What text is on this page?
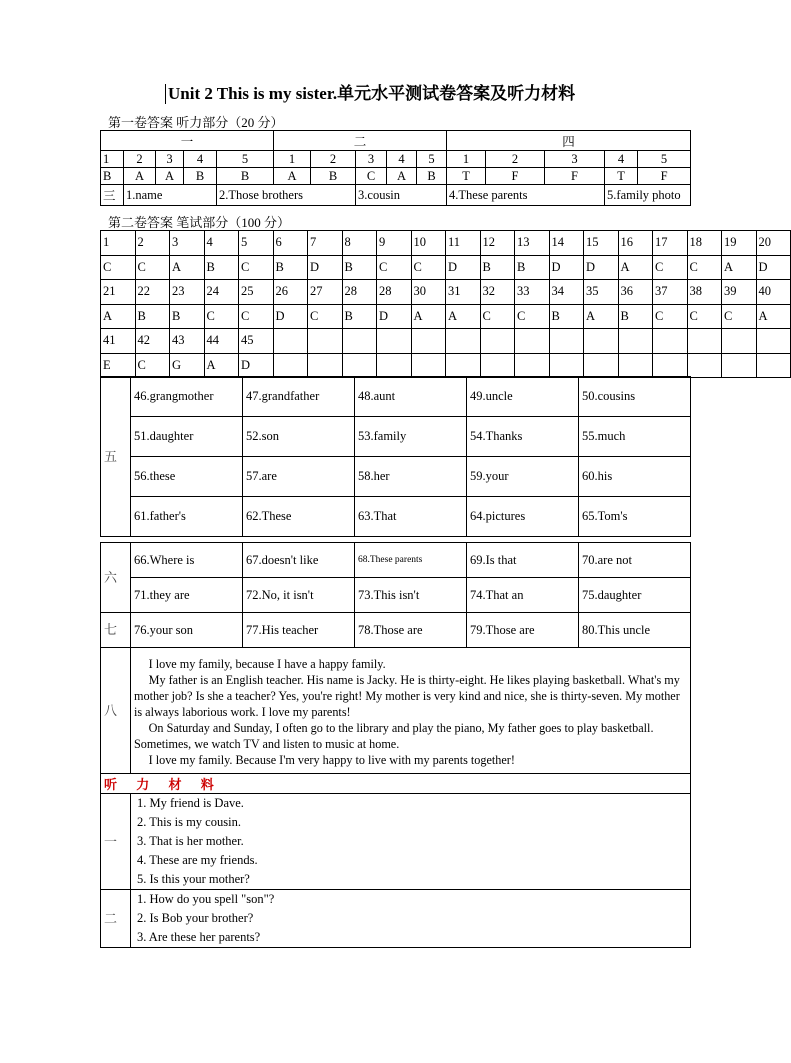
Unit 2 This is my sister.单元水平测试卷答案及听力材料
第一卷答案 听力部分（20 分）
一					二					四				
1	2	3	4	5	1	2	3	4	5	1	2	3	4	5
B	A	A	B	B	A	B	C	A	B	T	F	F	T	F
三	1.name			2.Those brothers			3.cousin			4.These parents			5.family photo	
第二卷答案 笔试部分（100 分）
1	2	3	4	5	6	7	8	9	10	11	12	13	14	15	16	17	18	19	20
C	C	A	B	C	B	D	B	C	C	D	B	B	D	D	A	C	C	A	D
21	22	23	24	25	26	27	28	28	30	31	32	33	34	35	36	37	38	39	40
A	B	B	C	C	D	C	B	D	A	A	C	C	B	A	B	C	C	C	A
41	42	43	44	45															
E	C	G	A	D															
五	46.grangmother	47.grandfather	48.aunt	49.uncle	50.cousins
	51.daughter	52.son	53.family	54.Thanks	55.much
	56.these	57.are	58.her	59.your	60.his
	61.father's	62.These	63.That	64.pictures	65.Tom's

六	66.Where is	67.doesn't like	68.These parents	69.Is that	70.are not
	71.they are	72.No, it isn't	73.This isn't	74.That an	75.daughter

七	76.your son	77.His teacher	78.Those are	79.Those are	80.This uncle

八	I love my family, because I have a happy family.

My father is an English teacher. His name is Jacky. He is thirty-eight. He likes playing basketball. What's my mother job? Is she a teacher? Yes, you're right! My mother is very kind and nice, she is thirty-seven. My mother is always laborious work. I love my parents!

On Saturday and Sunday, I often go to the library and play the piano, My father goes to play basketball. Sometimes, we watch TV and listen to music at home.

I love my family. Because I'm very happy to live with my parents together!				

听 力 材 料					

一	1. My friend is Dave.
2. This is my cousin.
3. That is her mother.
4. These are my friends.
5. Is this your mother?				

二	1. How do you spell "son"?
2. Is Bob your brother?
3. Are these her parents?				
